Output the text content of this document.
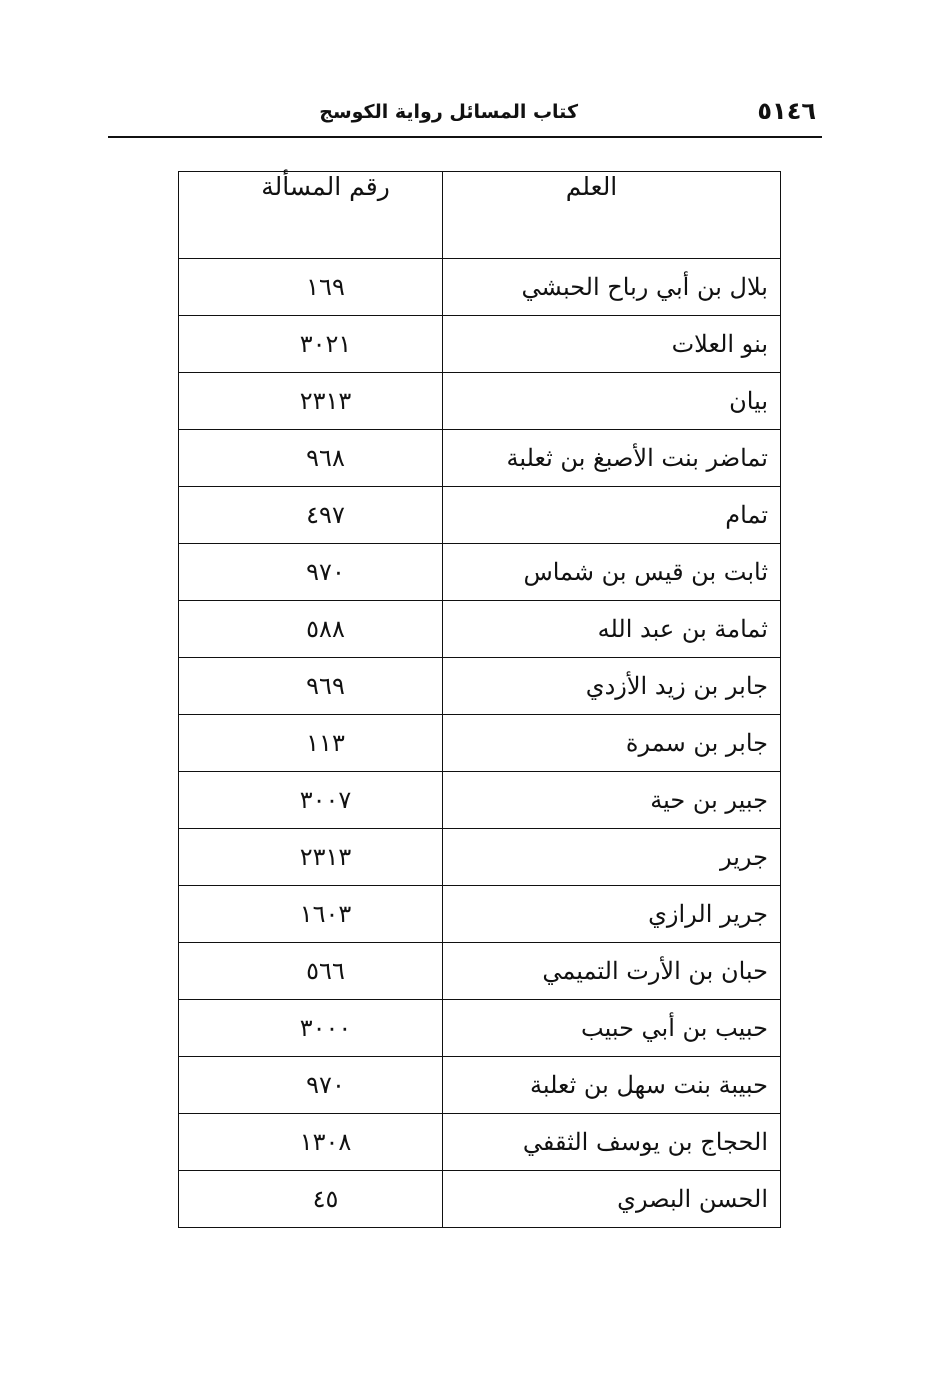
٥١٤٦
كتاب المسائل رواية الكوسج
العلم	رقم المسألة
بلال بن أبي رباح الحبشي	١٦٩
بنو العلات	٣٠٢١
بيان	٢٣١٣
تماضر بنت الأصبغ بن ثعلبة	٩٦٨
تمام	٤٩٧
ثابت بن قيس بن شماس	٩٧٠
ثمامة بن عبد الله	٥٨٨
جابر بن زيد الأزدي	٩٦٩
جابر بن سمرة	١١٣
جبير بن حية	٣٠٠٧
جرير	٢٣١٣
جرير الرازي	١٦٠٣
حبان بن الأرت التميمي	٥٦٦
حبيب بن أبي حبيب	٣٠٠٠
حبيبة بنت سهل بن ثعلبة	٩٧٠
الحجاج بن يوسف الثقفي	١٣٠٨
الحسن البصري	٤٥
